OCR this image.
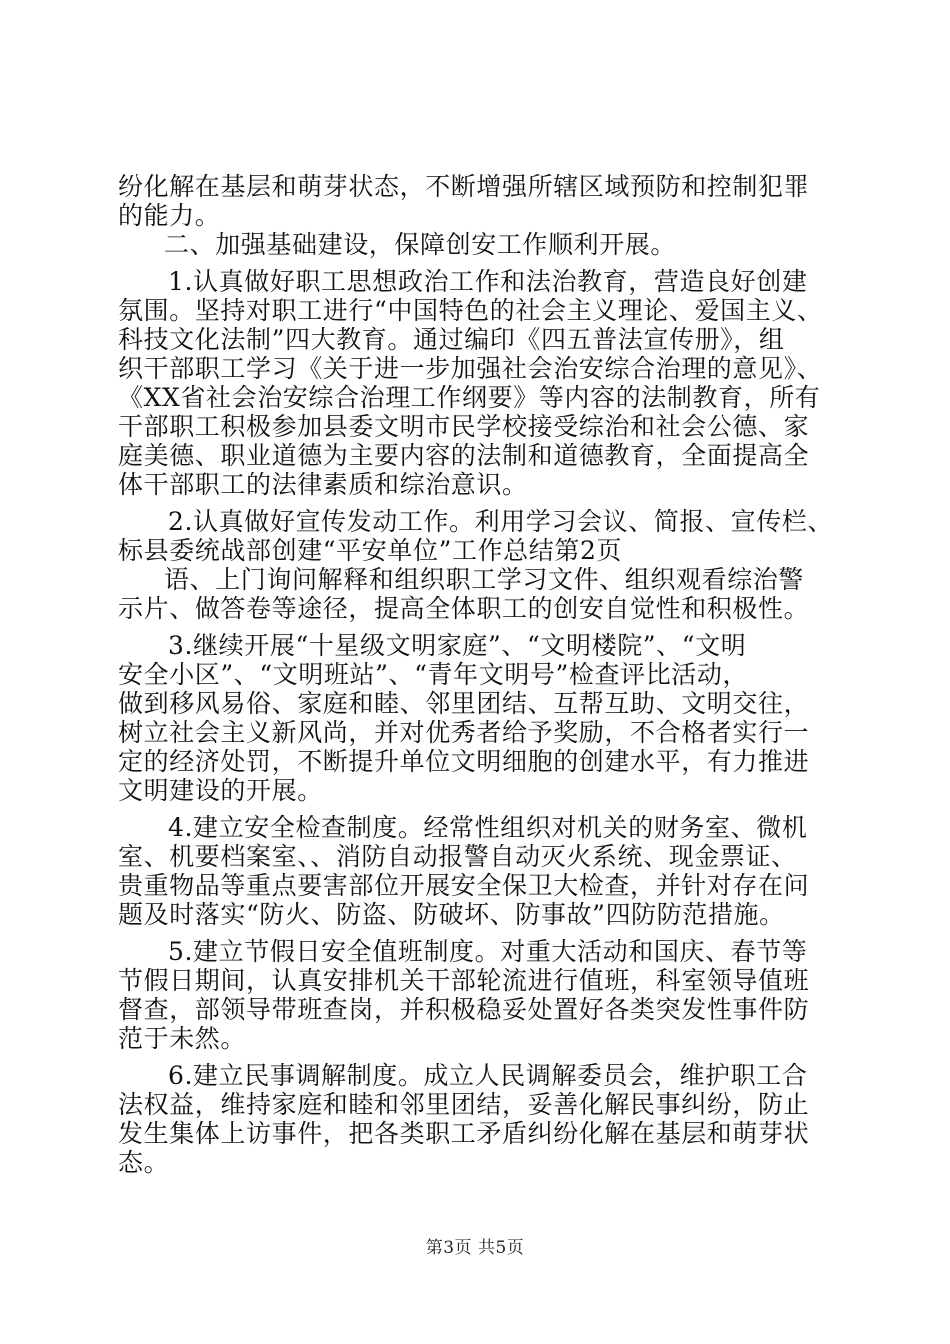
纷化解在基层和萌芽状态，不断增强所辖区域预防和控制犯罪
的能力。
二、加强基础建设，保障创安工作顺利开展。
1.认真做好职工思想政治工作和法治教育，营造良好创建
氛围。坚持对职工进行“中国特色的社会主义理论、爱国主义、
科技文化法制”四大教育。通过编印《四五普法宣传册》，组
织干部职工学习《关于进一步加强社会治安综合治理的意见》、
《XX省社会治安综合治理工作纲要》等内容的法制教育，所有
干部职工积极参加县委文明市民学校接受综治和社会公德、家
庭美德、职业道德为主要内容的法制和道德教育，全面提高全
体干部职工的法律素质和综治意识。
2.认真做好宣传发动工作。利用学习会议、简报、宣传栏、
标县委统战部创建“平安单位”工作总结第2页
语、上门询问解释和组织职工学习文件、组织观看综治警
示片、做答卷等途径，提高全体职工的创安自觉性和积极性。
3.继续开展“十星级文明家庭”、“文明楼院”、“文明
安全小区”、“文明班站”、“青年文明号”检查评比活动，
做到移风易俗、家庭和睦、邻里团结、互帮互助、文明交往，
树立社会主义新风尚，并对优秀者给予奖励，不合格者实行一
定的经济处罚，不断提升单位文明细胞的创建水平，有力推进
文明建设的开展。
4.建立安全检查制度。经常性组织对机关的财务室、微机
室、机要档案室、、消防自动报警自动灭火系统、现金票证、
贵重物品等重点要害部位开展安全保卫大检查，并针对存在问
题及时落实“防火、防盗、防破坏、防事故”四防防范措施。
5.建立节假日安全值班制度。对重大活动和国庆、春节等
节假日期间，认真安排机关干部轮流进行值班，科室领导值班
督查，部领导带班查岗，并积极稳妥处置好各类突发性事件防
范于未然。
6.建立民事调解制度。成立人民调解委员会，维护职工合
法权益，维持家庭和睦和邻里团结，妥善化解民事纠纷，防止
发生集体上访事件，把各类职工矛盾纠纷化解在基层和萌芽状
态。
第3页 共5页
